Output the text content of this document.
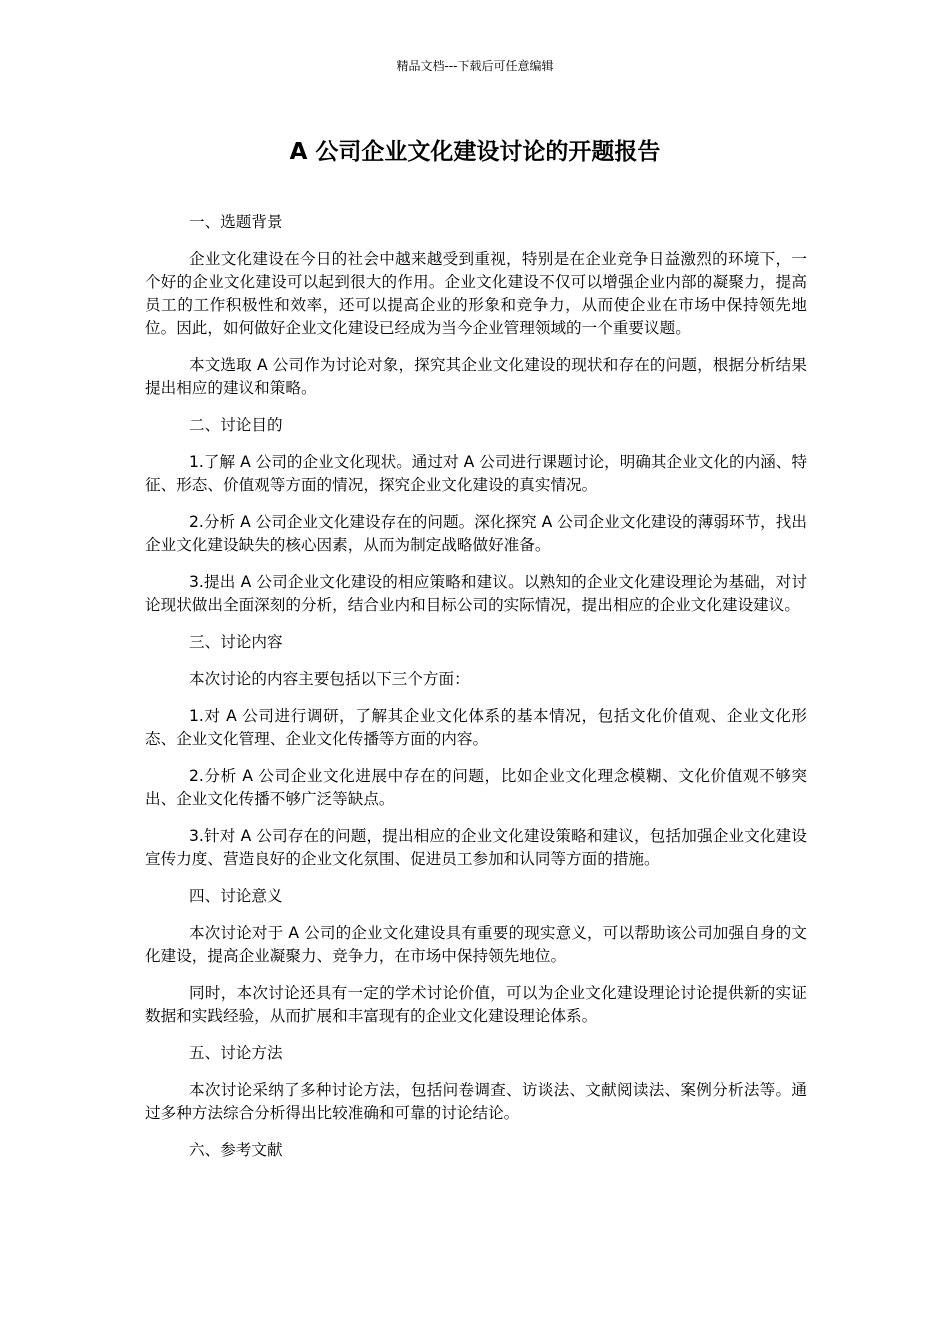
精品文档---下载后可任意编辑
A 公司企业文化建设讨论的开题报告

一、选题背景

企业文化建设在今日的社会中越来越受到重视，特别是在企业竞争日益激烈的环境下，一个好的企业文化建设可以起到很大的作用。企业文化建设不仅可以增强企业内部的凝聚力，提高员工的工作积极性和效率，还可以提高企业的形象和竞争力，从而使企业在市场中保持领先地位。因此，如何做好企业文化建设已经成为当今企业管理领域的一个重要议题。

本文选取 A 公司作为讨论对象，探究其企业文化建设的现状和存在的问题，根据分析结果提出相应的建议和策略。

二、讨论目的

1.了解 A 公司的企业文化现状。通过对 A 公司进行课题讨论，明确其企业文化的内涵、特征、形态、价值观等方面的情况，探究企业文化建设的真实情况。

2.分析 A 公司企业文化建设存在的问题。深化探究 A 公司企业文化建设的薄弱环节，找出企业文化建设缺失的核心因素，从而为制定战略做好准备。

3.提出 A 公司企业文化建设的相应策略和建议。以熟知的企业文化建设理论为基础，对讨论现状做出全面深刻的分析，结合业内和目标公司的实际情况，提出相应的企业文化建设建议。

三、讨论内容

本次讨论的内容主要包括以下三个方面：

1.对 A 公司进行调研，了解其企业文化体系的基本情况，包括文化价值观、企业文化形态、企业文化管理、企业文化传播等方面的内容。

2.分析 A 公司企业文化进展中存在的问题，比如企业文化理念模糊、文化价值观不够突出、企业文化传播不够广泛等缺点。

3.针对 A 公司存在的问题，提出相应的企业文化建设策略和建议，包括加强企业文化建设宣传力度、营造良好的企业文化氛围、促进员工参加和认同等方面的措施。

四、讨论意义

本次讨论对于 A 公司的企业文化建设具有重要的现实意义，可以帮助该公司加强自身的文化建设，提高企业凝聚力、竞争力，在市场中保持领先地位。

同时，本次讨论还具有一定的学术讨论价值，可以为企业文化建设理论讨论提供新的实证数据和实践经验，从而扩展和丰富现有的企业文化建设理论体系。

五、讨论方法

本次讨论采纳了多种讨论方法，包括问卷调查、访谈法、文献阅读法、案例分析法等。通过多种方法综合分析得出比较准确和可靠的讨论结论。

六、参考文献
